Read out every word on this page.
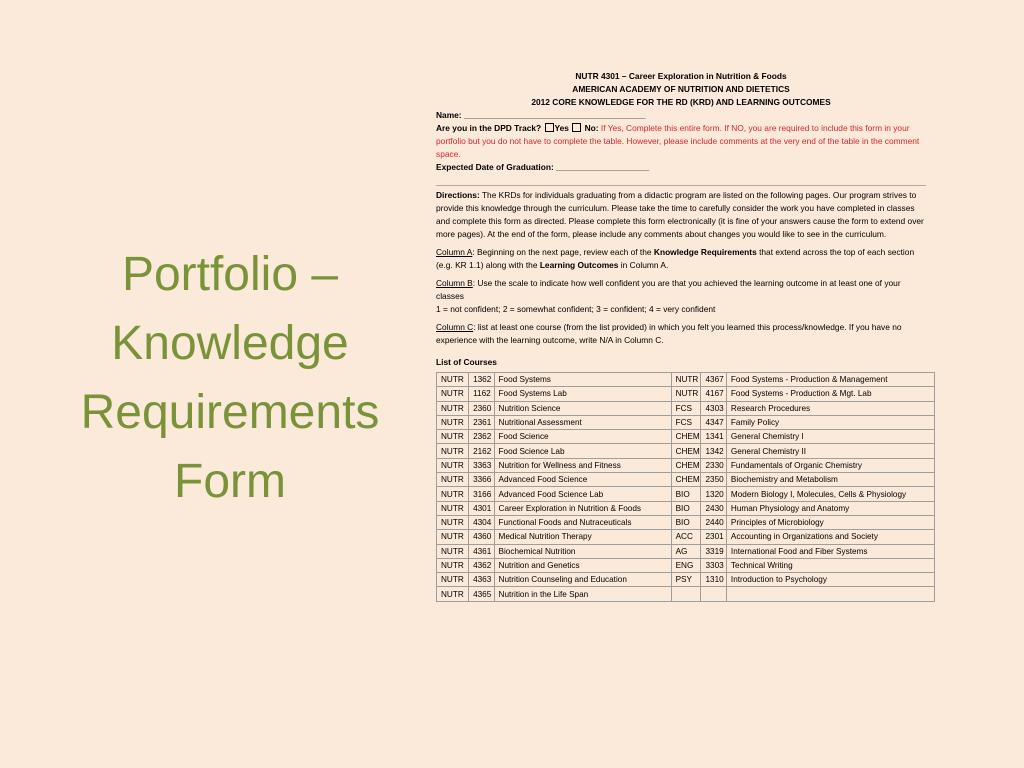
Portfolio –
Knowledge
Requirements
Form
NUTR 4301 – Career Exploration in Nutrition & Foods
AMERICAN ACADEMY OF NUTRITION AND DIETETICS
2012 CORE KNOWLEDGE FOR THE RD (KRD) AND LEARNING OUTCOMES

Name: _______________________________________

Are you in the DPD Track? Yes No: If Yes, Complete this entire form. If NO, you are required to include this form in your portfolio but you do not have to complete the table. However, please include comments at the very end of the table in the comment space.

Expected Date of Graduation: ____________________

Directions: The KRDs for individuals graduating from a didactic program are listed on the following pages. Our program strives to provide this knowledge through the curriculum. Please take the time to carefully consider the work you have completed in classes and complete this form as directed. Please complete this form electronically (it is fine of your answers cause the form to extend over more pages). At the end of the form, please include any comments about changes you would like to see in the curriculum.

Column A: Beginning on the next page, review each of the Knowledge Requirements that extend across the top of each section (e.g. KR 1.1) along with the Learning Outcomes in Column A.

Column B: Use the scale to indicate how well confident you are that you achieved the learning outcome in at least one of your classes
1 = not confident; 2 = somewhat confident; 3 = confident; 4 = very confident

Column C: list at least one course (from the list provided) in which you felt you learned this process/knowledge. If you have no experience with the learning outcome, write N/A in Column C.

List of Courses
NUTR	1362	Food Systems	NUTR	4367	Food Systems - Production & Management
NUTR	1162	Food Systems Lab	NUTR	4167	Food Systems - Production & Mgt. Lab
NUTR	2360	Nutrition Science	FCS	4303	Research Procedures
NUTR	2361	Nutritional Assessment	FCS	4347	Family Policy
NUTR	2362	Food Science	CHEM	1341	General Chemistry I
NUTR	2162	Food Science Lab	CHEM	1342	General Chemistry II
NUTR	3363	Nutrition for Wellness and Fitness	CHEM	2330	Fundamentals of Organic Chemistry
NUTR	3366	Advanced Food Science	CHEM	2350	Biochemistry and Metabolism
NUTR	3166	Advanced Food Science Lab	BIO	1320	Modern Biology I, Molecules, Cells & Physiology
NUTR	4301	Career Exploration in Nutrition & Foods	BIO	2430	Human Physiology and Anatomy
NUTR	4304	Functional Foods and Nutraceuticals	BIO	2440	Principles of Microbiology
NUTR	4360	Medical Nutrition Therapy	ACC	2301	Accounting in Organizations and Society
NUTR	4361	Biochemical Nutrition	AG	3319	International Food and Fiber Systems
NUTR	4362	Nutrition and Genetics	ENG	3303	Technical Writing
NUTR	4363	Nutrition Counseling and Education	PSY	1310	Introduction to Psychology
NUTR	4365	Nutrition in the Life Span			
